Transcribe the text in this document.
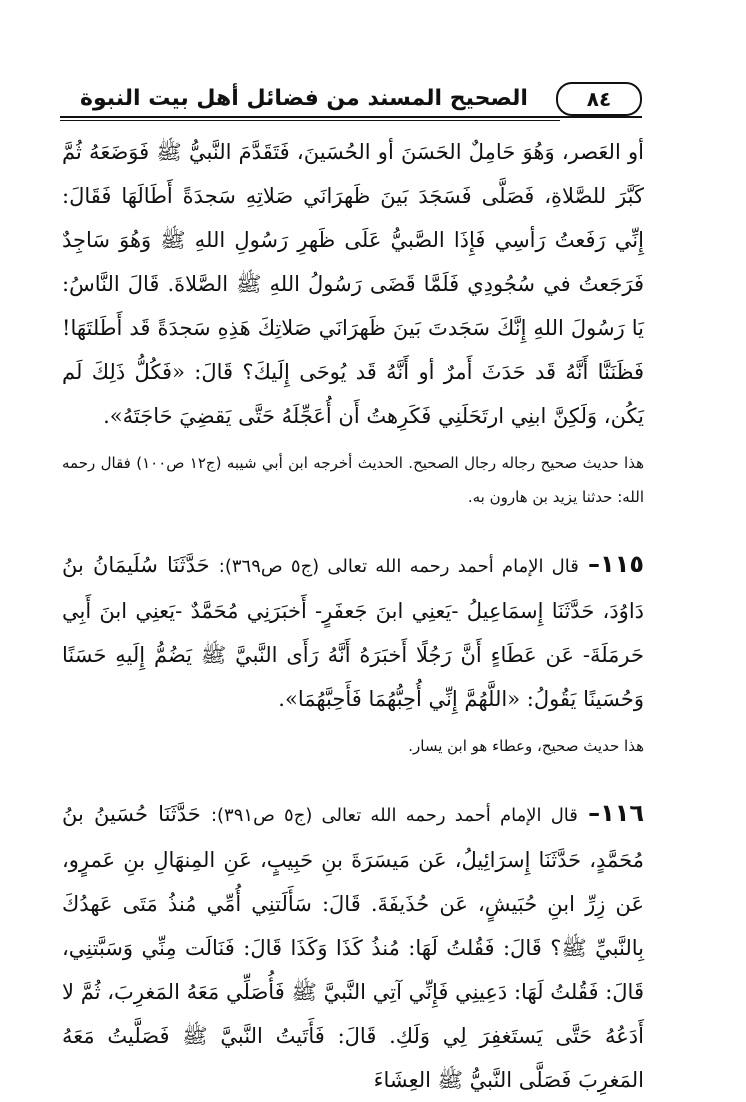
الصحيح المسند من فضائل أهل بيت النبوة	٨٤

أو العَصر، وَهُوَ حَامِلٌ الحَسَنَ أو الحُسَينَ، فَتَقَدَّمَ النَّبيُّ ﷺ فَوَضَعَهُ ثُمَّ كَبَّرَ للصَّلاةِ، فَصَلَّى فَسَجَدَ بَينَ ظَهرَانَي صَلاتِهِ سَجدَةً أَطَالَهَا فَقَالَ: إِنِّي رَفَعتُ رَأسِي فَإِذَا الصَّبيُّ عَلَى ظَهرِ رَسُولِ اللهِ ﷺ وَهُوَ سَاجِدٌ فَرَجَعتُ في سُجُودِي فَلَمَّا قَضَى رَسُولُ اللهِ ﷺ الصَّلاةَ. قَالَ النَّاسُ: يَا رَسُولَ اللهِ إِنَّكَ سَجَدتَ بَينَ ظَهرَانَي صَلاتِكَ هَذِهِ سَجدَةً قَد أَطَلتَهَا! فَظَنَنَّا أَنَّهُ قَد حَدَثَ أَمرٌ أو أَنَّهُ قَد يُوحَى إِلَيكَ؟ قَالَ: «فَكُلُّ ذَلِكَ لَم يَكُن، وَلَكِنَّ ابنِي ارتَحَلَنِي فَكَرِهتُ أَن أُعَجِّلَهُ حَتَّى يَقضِيَ حَاجَتَهُ».

هذا حديث صحيح رجاله رجال الصحيح. الحديث أخرجه ابن أبي شيبه (ج١٢ ص١٠٠) فقال رحمه الله: حدثنا يزيد بن هارون به.

١١٥– قال الإمام أحمد رحمه الله تعالى (ج٥ ص٣٦٩): حَدَّثَنَا سُلَيمَانُ بنُ دَاوُدَ، حَدَّثَنَا إِسمَاعِيلُ -يَعنِي ابنَ جَعفَرٍ- أَخبَرَنِي مُحَمَّدٌ -يَعنِي ابنَ أَبِي حَرمَلَةَ- عَن عَطَاءٍ أَنَّ رَجُلًا أَخبَرَهُ أَنَّهُ رَأَى النَّبيَّ ﷺ يَضُمُّ إِلَيهِ حَسَنًا وَحُسَينًا يَقُولُ: «اللَّهُمَّ إِنِّي أُحِبُّهُمَا فَأَحِبَّهُمَا».

هذا حديث صحيح، وعطاء هو ابن يسار.

١١٦– قال الإمام أحمد رحمه الله تعالى (ج٥ ص٣٩١): حَدَّثَنَا حُسَينُ بنُ مُحَمَّدٍ، حَدَّثَنَا إِسرَائِيلُ، عَن مَيسَرَةَ بنِ حَبِيبٍ، عَنِ المِنهَالِ بنِ عَمرٍو، عَن زِرِّ ابنِ حُبَيشٍ، عَن حُذَيفَةَ. قَالَ: سَأَلَتنِي أُمِّي مُنذُ مَتَى عَهدُكَ بِالنَّبيِّ ﷺ؟ قَالَ: فَقُلتُ لَهَا: مُنذُ كَذَا وَكَذَا قَالَ: فَنَالَت مِنِّي وَسَبَّتنِي، قَالَ: فَقُلتُ لَهَا: دَعِينِي فَإِنِّي آتِي النَّبيَّ ﷺ فَأُصَلِّي مَعَهُ المَغرِبَ، ثُمَّ لا أَدَعُهُ حَتَّى يَستَغفِرَ لِي وَلَكِ. قَالَ: فَأَتَيتُ النَّبيَّ ﷺ فَصَلَّيتُ مَعَهُ المَغرِبَ فَصَلَّى النَّبيُّ ﷺ العِشَاءَ
